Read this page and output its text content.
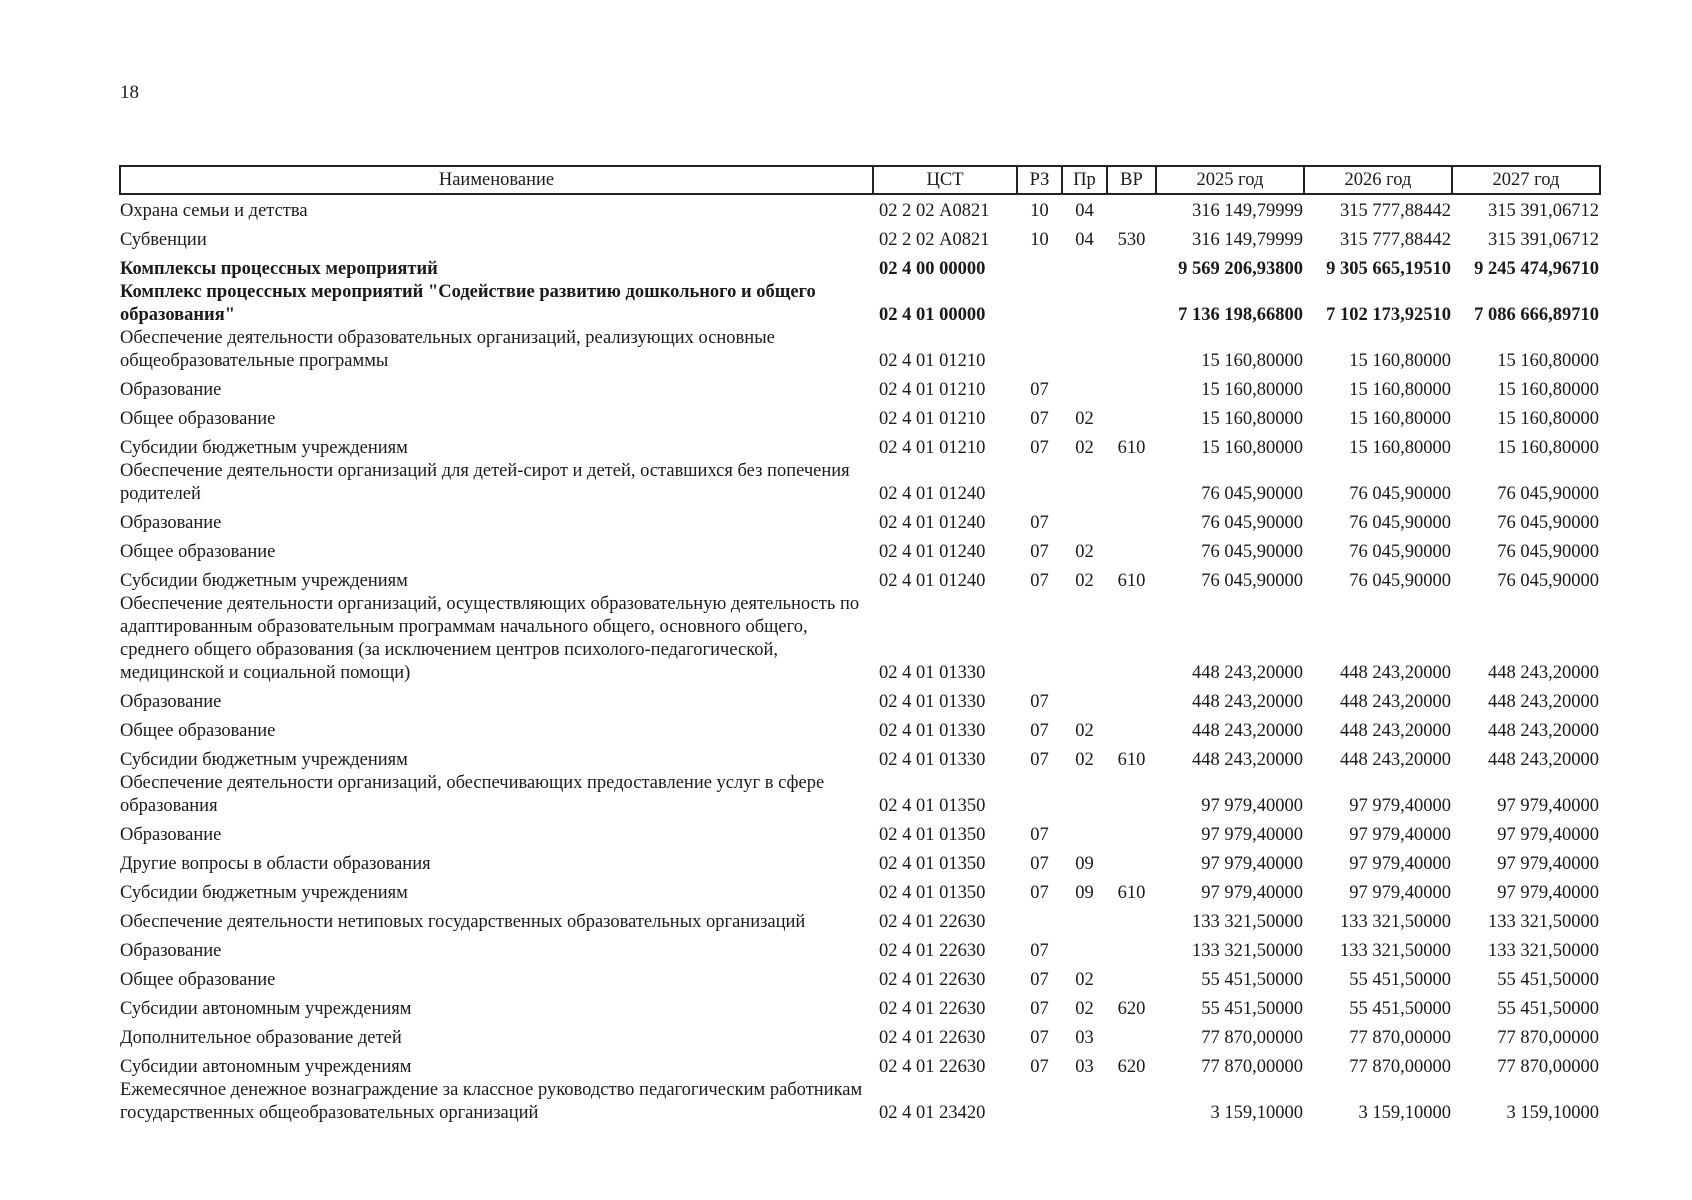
18
Наименование	ЦСТ	РЗ	Пр	ВР	2025 год	2026 год	2027 год
Охрана семьи и детства	02 2 02 А0821	10	04		316 149,79999	315 777,88442	315 391,06712
Субвенции	02 2 02 А0821	10	04	530	316 149,79999	315 777,88442	315 391,06712
Комплексы процессных мероприятий	02 4 00 00000				9 569 206,93800	9 305 665,19510	9 245 474,96710
Комплекс процессных мероприятий "Содействие развитию дошкольного и общего образования"	02 4 01 00000				7 136 198,66800	7 102 173,92510	7 086 666,89710
Обеспечение деятельности образовательных организаций, реализующих основные общеобразовательные программы	02 4 01 01210				15 160,80000	15 160,80000	15 160,80000
Образование	02 4 01 01210	07			15 160,80000	15 160,80000	15 160,80000
Общее образование	02 4 01 01210	07	02		15 160,80000	15 160,80000	15 160,80000
Субсидии бюджетным учреждениям	02 4 01 01210	07	02	610	15 160,80000	15 160,80000	15 160,80000
Обеспечение деятельности организаций для детей-сирот и детей, оставшихся без попечения родителей	02 4 01 01240				76 045,90000	76 045,90000	76 045,90000
Образование	02 4 01 01240	07			76 045,90000	76 045,90000	76 045,90000
Общее образование	02 4 01 01240	07	02		76 045,90000	76 045,90000	76 045,90000
Субсидии бюджетным учреждениям	02 4 01 01240	07	02	610	76 045,90000	76 045,90000	76 045,90000
Обеспечение деятельности организаций, осуществляющих образовательную деятельность по адаптированным образовательным программам начального общего, основного общего, среднего общего образования (за исключением центров психолого-педагогической, медицинской и социальной помощи)	02 4 01 01330				448 243,20000	448 243,20000	448 243,20000
Образование	02 4 01 01330	07			448 243,20000	448 243,20000	448 243,20000
Общее образование	02 4 01 01330	07	02		448 243,20000	448 243,20000	448 243,20000
Субсидии бюджетным учреждениям	02 4 01 01330	07	02	610	448 243,20000	448 243,20000	448 243,20000
Обеспечение деятельности организаций, обеспечивающих предоставление услуг в сфере образования	02 4 01 01350				97 979,40000	97 979,40000	97 979,40000
Образование	02 4 01 01350	07			97 979,40000	97 979,40000	97 979,40000
Другие вопросы в области образования	02 4 01 01350	07	09		97 979,40000	97 979,40000	97 979,40000
Субсидии бюджетным учреждениям	02 4 01 01350	07	09	610	97 979,40000	97 979,40000	97 979,40000
Обеспечение деятельности нетиповых государственных образовательных организаций	02 4 01 22630				133 321,50000	133 321,50000	133 321,50000
Образование	02 4 01 22630	07			133 321,50000	133 321,50000	133 321,50000
Общее образование	02 4 01 22630	07	02		55 451,50000	55 451,50000	55 451,50000
Субсидии автономным учреждениям	02 4 01 22630	07	02	620	55 451,50000	55 451,50000	55 451,50000
Дополнительное образование детей	02 4 01 22630	07	03		77 870,00000	77 870,00000	77 870,00000
Субсидии автономным учреждениям	02 4 01 22630	07	03	620	77 870,00000	77 870,00000	77 870,00000
Ежемесячное денежное вознаграждение за классное руководство педагогическим работникам государственных общеобразовательных организаций	02 4 01 23420				3 159,10000	3 159,10000	3 159,10000
